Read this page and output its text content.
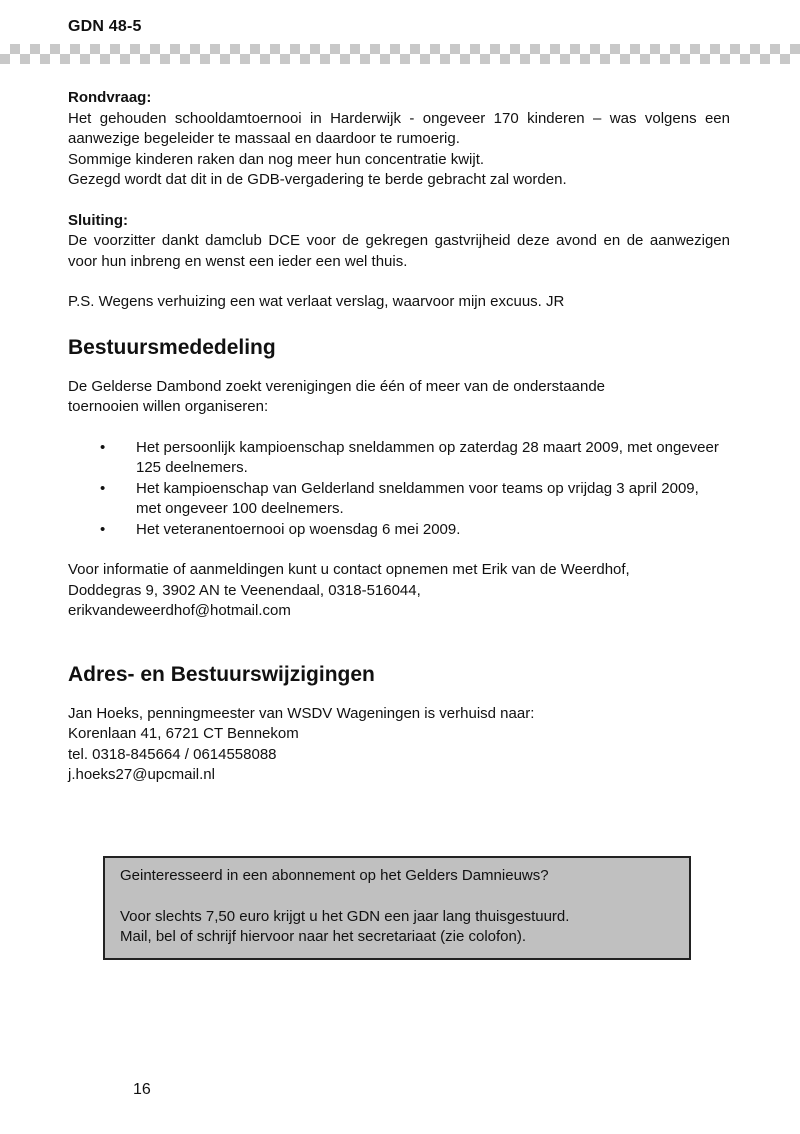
GDN 48-5
Rondvraag:

Het gehouden schooldamtoernooi in Harderwijk - ongeveer 170 kinderen – was volgens een aanwezige begeleider te massaal en daardoor te rumoerig.

Sommige kinderen raken dan nog meer hun concentratie kwijt.

Gezegd wordt dat dit in de GDB-vergadering te berde gebracht zal worden.

Sluiting:

De voorzitter dankt damclub DCE voor de gekregen gastvrijheid deze avond en de aanwezigen voor hun inbreng en wenst een ieder een wel thuis.

P.S. Wegens verhuizing een wat verlaat verslag, waarvoor mijn excuus. JR

Bestuursmededeling

De Gelderse Dambond zoekt verenigingen die één of meer van de onderstaande toernooien willen organiseren:

• Het persoonlijk kampioenschap sneldammen op zaterdag 28 maart 2009, met ongeveer 125 deelnemers.
• Het kampioenschap van Gelderland sneldammen voor teams op vrijdag 3 april 2009, met ongeveer 100 deelnemers.
• Het veteranentoernooi op woensdag 6 mei 2009.

Voor informatie of aanmeldingen kunt u contact opnemen met Erik van de Weerdhof,

Doddegras 9, 3902 AN te Veenendaal, 0318-516044,

erikvandeweerdhof@hotmail.com

Adres- en Bestuurswijzigingen

Jan Hoeks, penningmeester van WSDV Wageningen is verhuisd naar:

Korenlaan 41, 6721 CT Bennekom

tel. 0318-845664 / 0614558088

j.hoeks27@upcmail.nl

Geinteresseerd in een abonnement op het Gelders Damnieuws?

Voor slechts 7,50 euro krijgt u het GDN een jaar lang thuisgestuurd.

Mail, bel of schrijf hiervoor naar het secretariaat (zie colofon).

16
